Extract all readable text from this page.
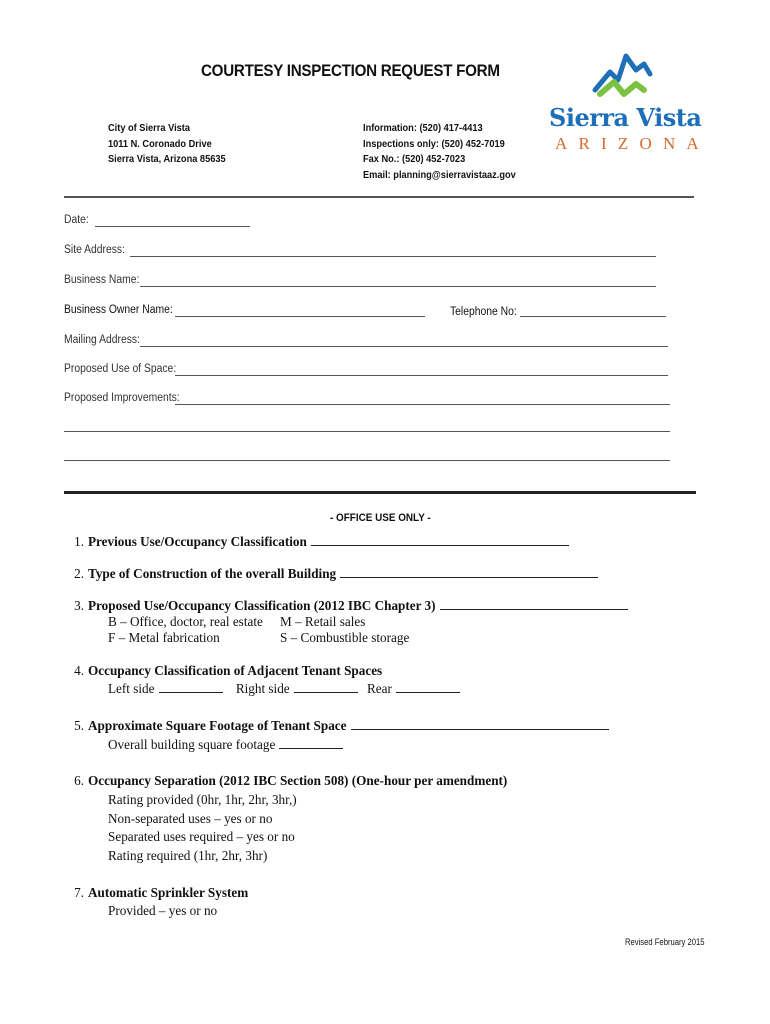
COURTESY INSPECTION REQUEST FORM
City of Sierra Vista
1011 N. Coronado Drive
Sierra Vista, Arizona 85635
Information: (520) 417-4413
Inspections only: (520) 452-7019
Fax No.: (520) 452-7023
Email: planning@sierravistaaz.gov
Sierra Vista
ARIZONA
Date:
Site Address:
Business Name:
Business Owner Name:	Telephone No:
Mailing Address:
Proposed Use of Space:
Proposed Improvements:
- OFFICE USE ONLY -
1. Previous Use/Occupancy Classification
2. Type of Construction of the overall Building
3. Proposed Use/Occupancy Classification (2012 IBC Chapter 3)
B – Office, doctor, real estate M – Retail sales
F – Metal fabrication	S – Combustible storage
4. Occupancy Classification of Adjacent Tenant Spaces
Left side	Right side	Rear
5. Approximate Square Footage of Tenant Space
Overall building square footage
6. Occupancy Separation (2012 IBC Section 508) (One-hour per amendment)
Rating provided (0hr, 1hr, 2hr, 3hr,)
Non-separated uses – yes or no
Separated uses required – yes or no
Rating required (1hr, 2hr, 3hr)
7. Automatic Sprinkler System
Provided – yes or no
Revised February 2015
